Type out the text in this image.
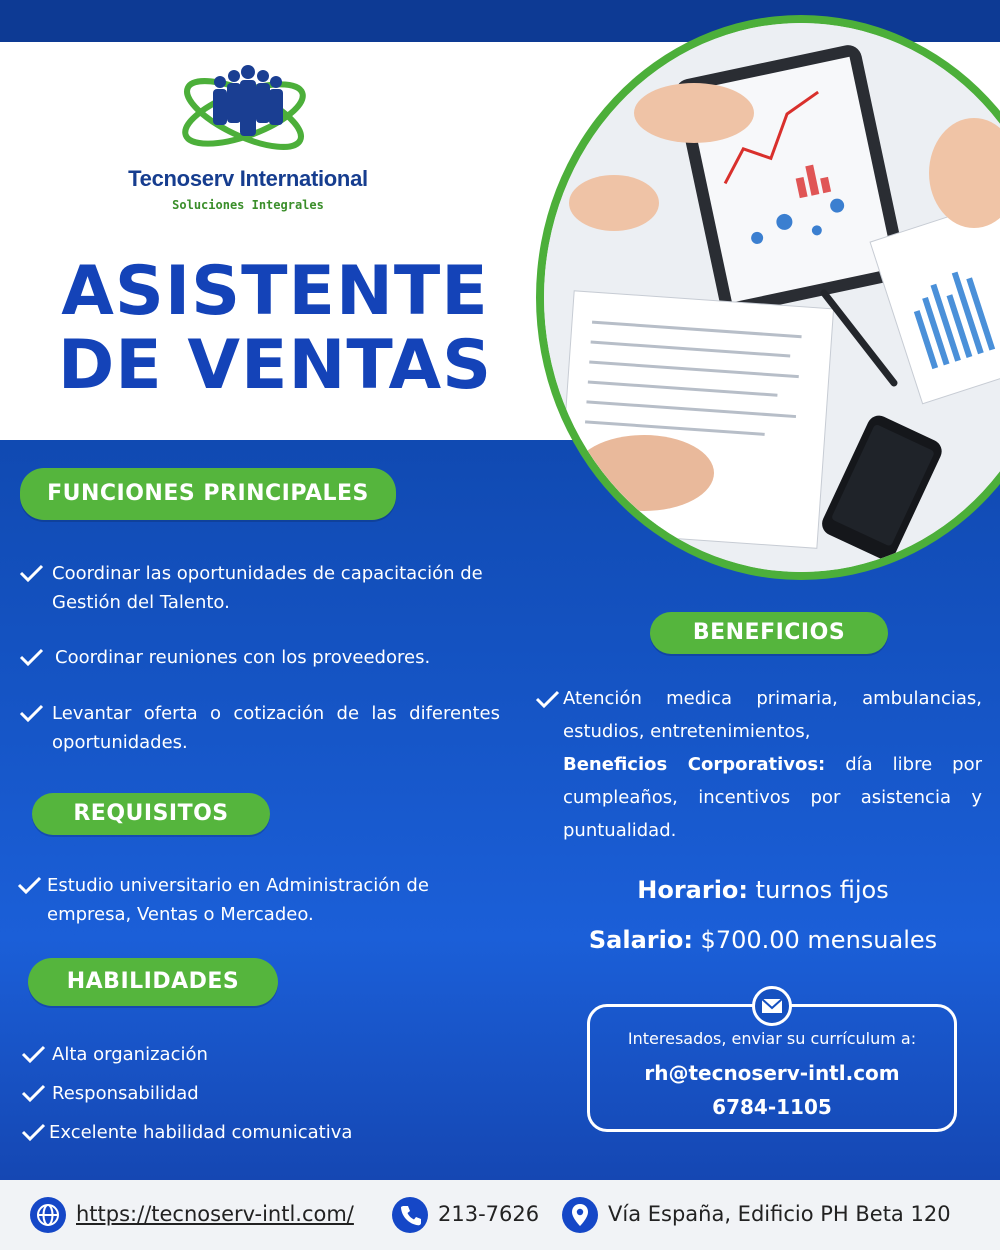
Tecnoserv International
Soluciones Integrales
ASISTENTE
DE VENTAS
FUNCIONES PRINCIPALES
Coordinar las oportunidades de capacitación de Gestión del Talento.
Coordinar reuniones con los proveedores.
Levantar oferta o cotización de las diferentes oportunidades.
REQUISITOS
Estudio universitario en Administración de empresa, Ventas o Mercadeo.
HABILIDADES
Alta organización
Responsabilidad
Excelente habilidad comunicativa
BENEFICIOS
Atención medica primaria, ambulancias, estudios, entretenimientos,
Beneficios Corporativos: día libre por cumpleaños, incentivos por asistencia y puntualidad.
Horario: turnos fijos
Salario: $700.00 mensuales
Interesados, enviar su currículum a:
rh@tecnoserv-intl.com
6784-1105
https://tecnoserv-intl.com/	213-7626	Vía España, Edificio PH Beta 120
